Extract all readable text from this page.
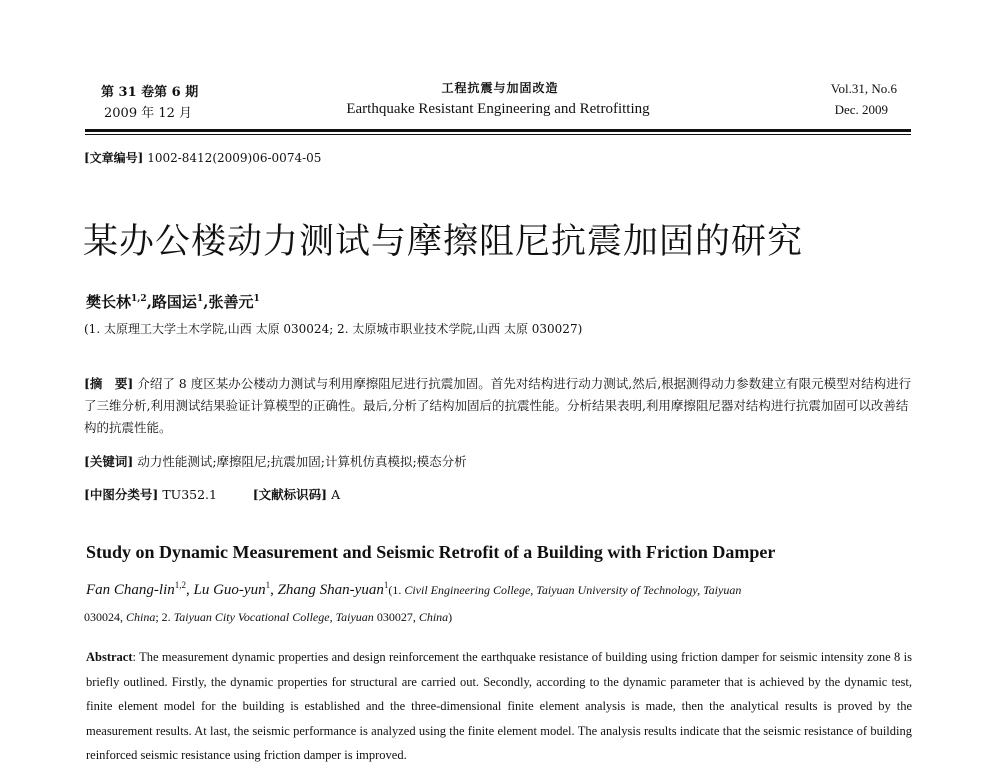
第 31 卷第 6 期
2009 年 12 月
工程抗震与加固改造
Earthquake Resistant Engineering and Retrofitting
Vol.31, No.6
Dec. 2009
[文章编号] 1002-8412(2009)06-0074-05
某办公楼动力测试与摩擦阻尼抗震加固的研究
樊长林$^{1,2}$,路国运$^1$,张善元$^1$
(1. 太原理工大学土木学院,山西 太原 030024; 2. 太原城市职业技术学院,山西 太原 030027)
[摘　要] 介绍了 8 度区某办公楼动力测试与利用摩擦阻尼进行抗震加固。首先对结构进行动力测试,然后,根据测得动力参数建立有限元模型对结构进行了三维分析,利用测试结果验证计算模型的正确性。最后,分析了结构加固后的抗震性能。分析结果表明,利用摩擦阻尼器对结构进行抗震加固可以改善结构的抗震性能。
[关键词] 动力性能测试;摩擦阻尼;抗震加固;计算机仿真模拟;模态分析
[中图分类号] TU352.1	[文献标识码] A
Study on Dynamic Measurement and Seismic Retrofit of a Building with Friction Damper
Fan Chang-lin$^{1,2}$, Lu Guo-yun$^1$, Zhang Shan-yuan$^1$(1. Civil Engineering College, Taiyuan University of Technology, Taiyuan
030024, China; 2. Taiyuan City Vocational College, Taiyuan 030027, China)
Abstract: The measurement dynamic properties and design reinforcement the earthquake resistance of building using friction damper for seismic intensity zone 8 is briefly outlined. Firstly, the dynamic properties for structural are carried out. Secondly, according to the dynamic parameter that is achieved by the dynamic test, finite element model for the building is established and the three-dimensional finite element analysis is made, then the analytical results is proved by the measurement results. At last, the seismic performance is analyzed using the finite element model. The analysis results indicate that the seismic resistance of building reinforced seismic resistance using friction damper is improved.
